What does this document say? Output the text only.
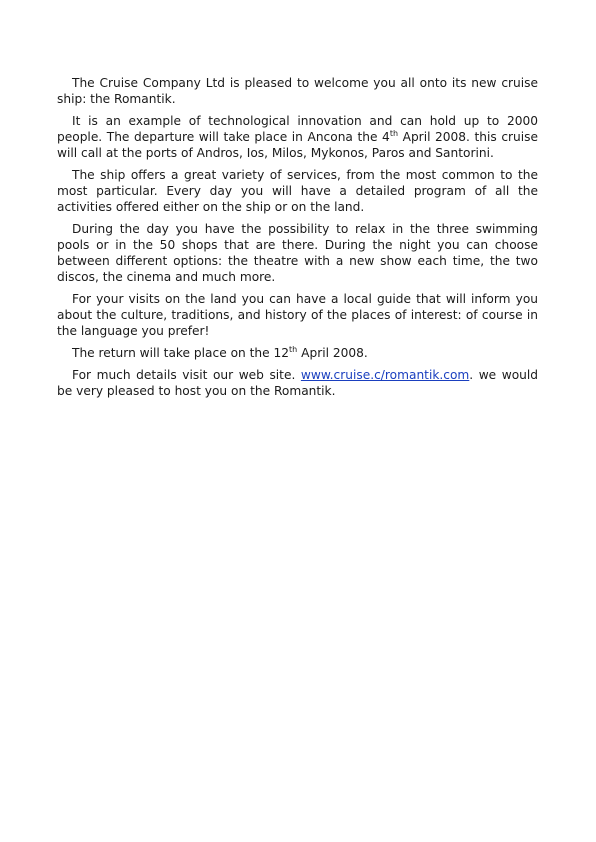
The Cruise Company Ltd is pleased to welcome you all onto its new cruise ship: the Romantik.

It is an example of technological innovation and can hold up to 2000 people. The departure will take place in Ancona the 4th April 2008. this cruise will call at the ports of Andros, Ios, Milos, Mykonos, Paros and Santorini.

The ship offers a great variety of services, from the most common to the most particular. Every day you will have a detailed program of all the activities offered either on the ship or on the land.

During the day you have the possibility to relax in the three swimming pools or in the 50 shops that are there. During the night you can choose between different options: the theatre with a new show each time, the two discos, the cinema and much more.

For your visits on the land you can have a local guide that will inform you about the culture, traditions, and history of the places of interest: of course in the language you prefer!

The return will take place on the 12th April 2008.

For much details visit our web site. www.cruise.c/romantik.com. we would be very pleased to host you on the Romantik.
